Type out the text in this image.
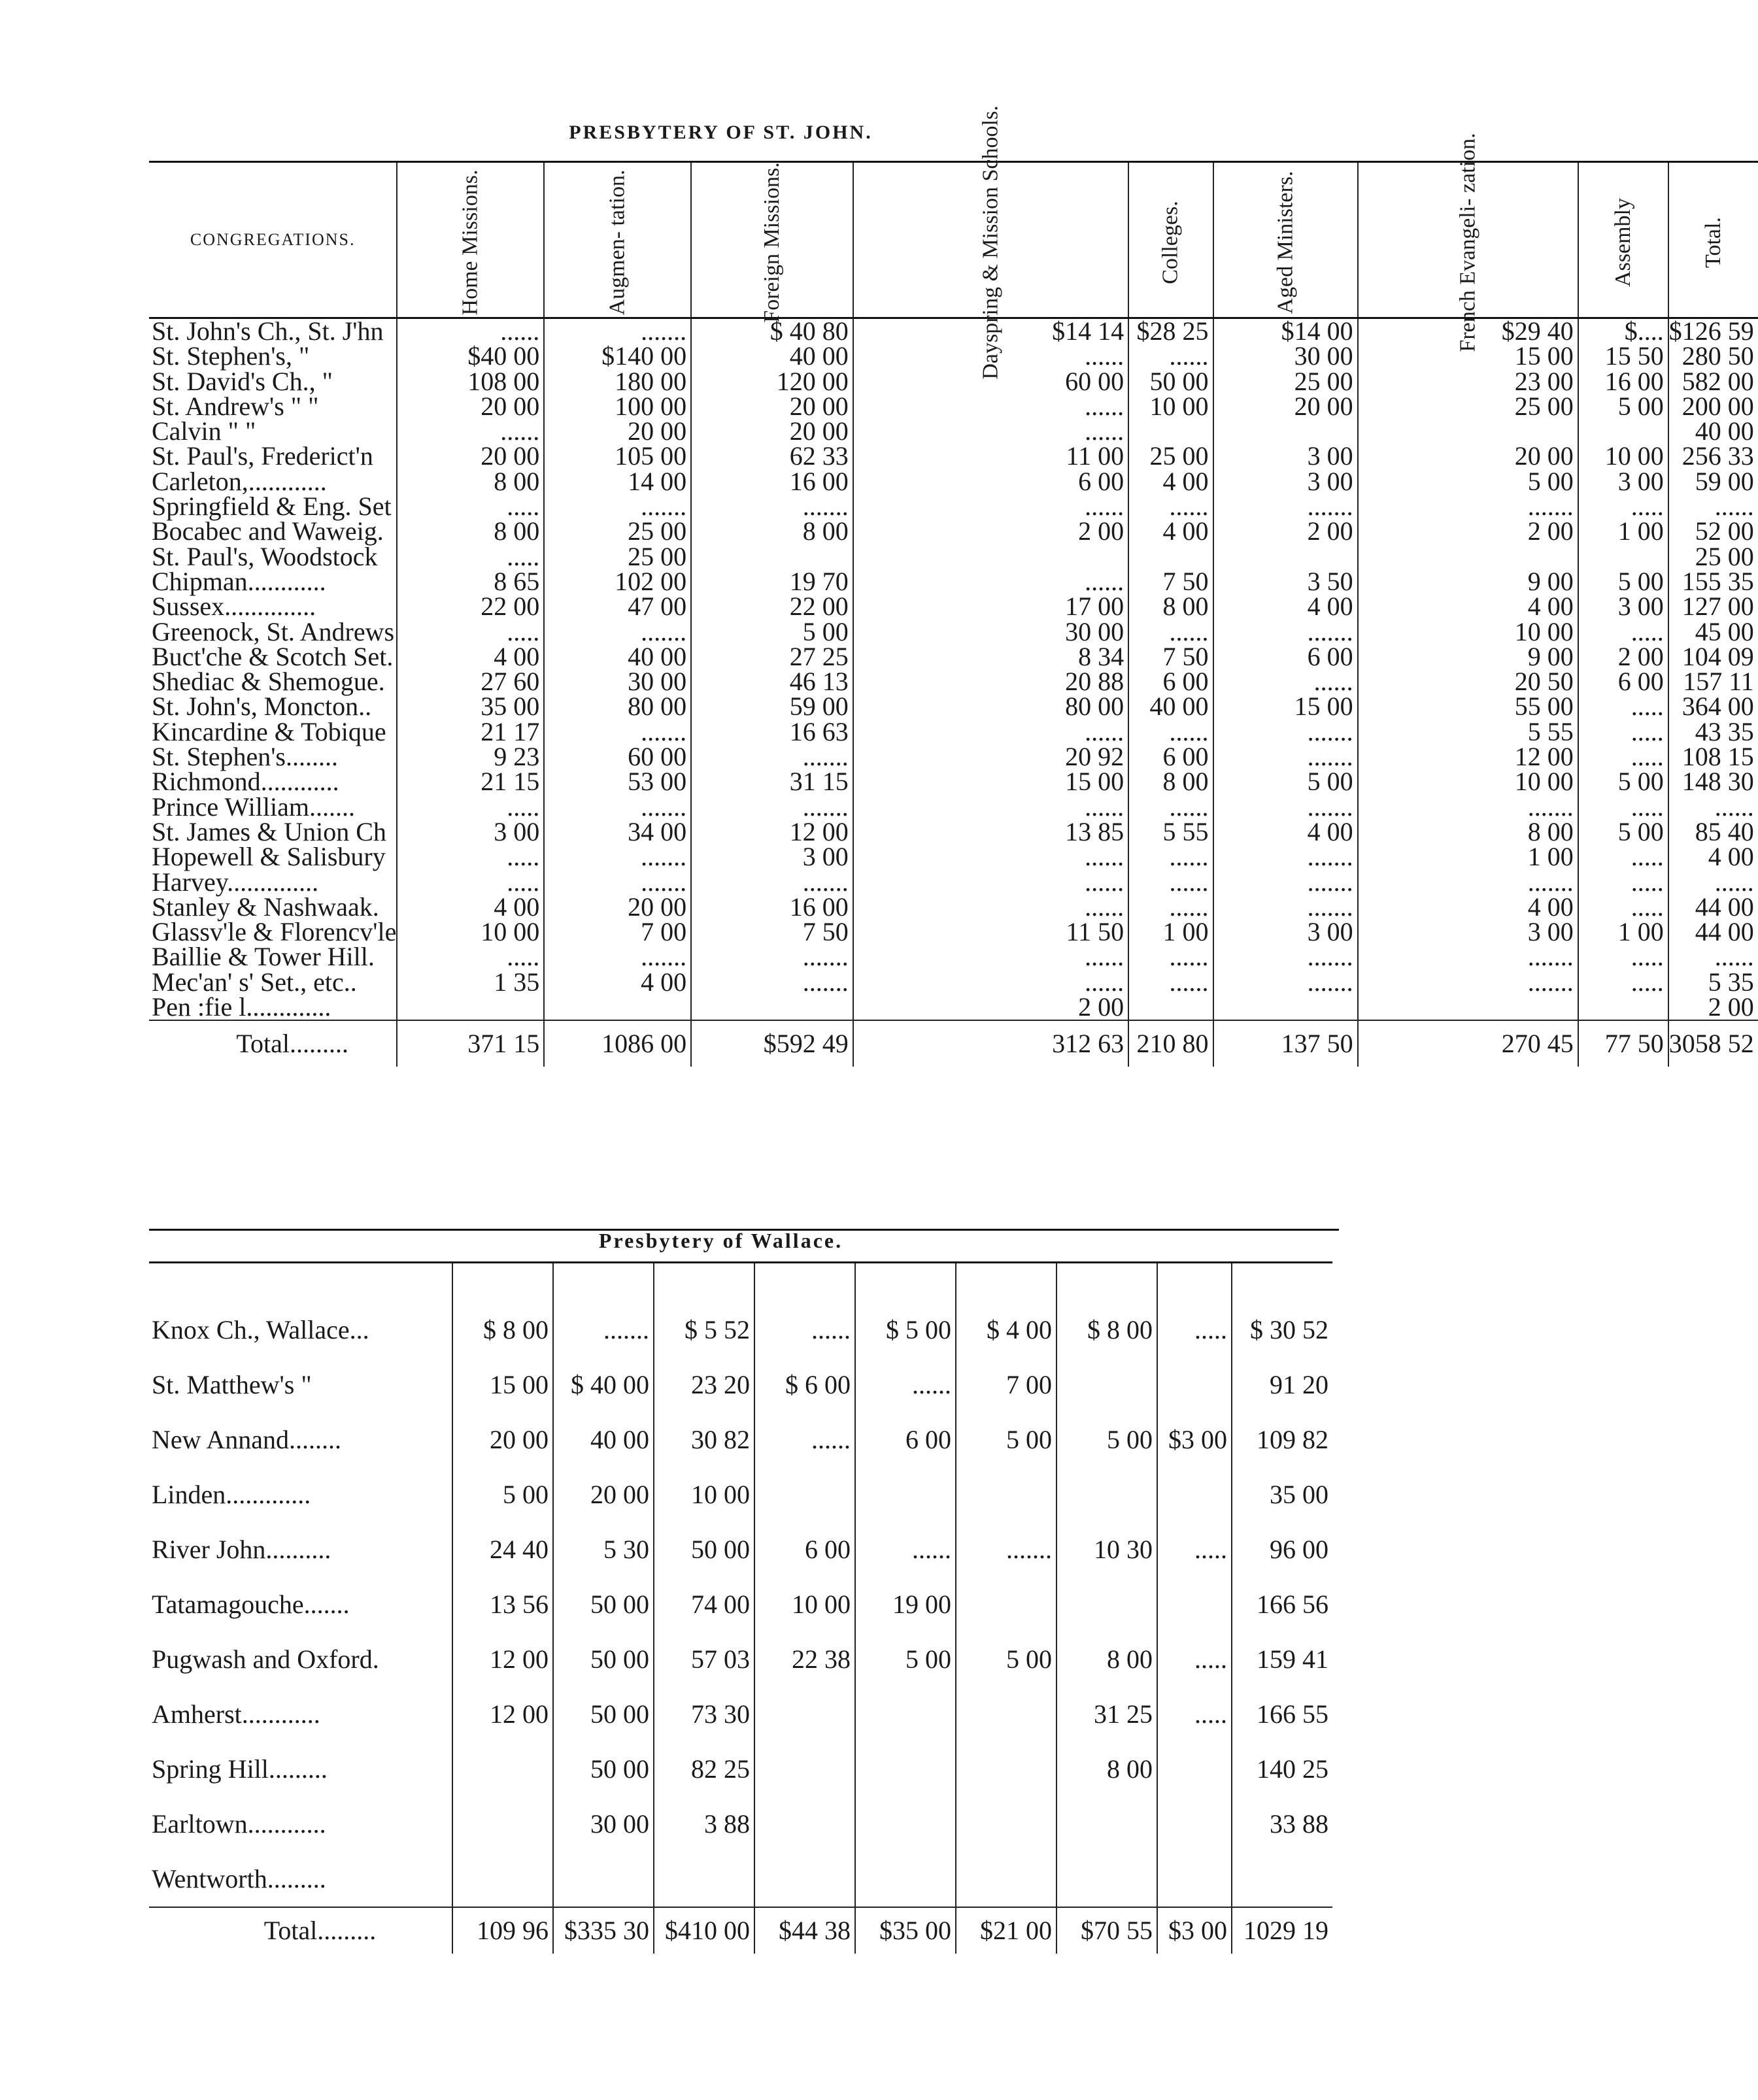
PRESBYTERY OF ST. JOHN.
CONGREGATIONS.	Home Missions.	Augmen- tation.	Foreign Missions.	Dayspring & Mission Schools.	Colleges.	Aged Ministers.	French Evangeli- zation.	Assembly	Total.
St. John's Ch., St. J'hn	......	.......	$ 40 80	$14 14	$28 25	$14 00	$29 40	$....	$126 59
St. Stephen's, "	$40 00	$140 00	40 00	......	......	30 00	15 00	15 50	280 50
St. David's Ch., "	108 00	180 00	120 00	60 00	50 00	25 00	23 00	16 00	582 00
St. Andrew's " "	20 00	100 00	20 00	......	10 00	20 00	25 00	5 00	200 00
Calvin " "	......	20 00	20 00	......					40 00
St. Paul's, Frederict'n	20 00	105 00	62 33	11 00	25 00	3 00	20 00	10 00	256 33
Carleton,............	8 00	14 00	16 00	6 00	4 00	3 00	5 00	3 00	59 00
Springfield & Eng. Set	.....	.......	.......	......	......	.......	.......	.....	......
Bocabec and Waweig.	8 00	25 00	8 00	2 00	4 00	2 00	2 00	1 00	52 00
St. Paul's, Woodstock	.....	25 00							25 00
Chipman............	8 65	102 00	19 70	......	7 50	3 50	9 00	5 00	155 35
Sussex..............	22 00	47 00	22 00	17 00	8 00	4 00	4 00	3 00	127 00
Greenock, St. Andrews	.....	.......	5 00	30 00	......	.......	10 00	.....	45 00
Buct'che & Scotch Set.	4 00	40 00	27 25	8 34	7 50	6 00	9 00	2 00	104 09
Shediac & Shemogue.	27 60	30 00	46 13	20 88	6 00	......	20 50	6 00	157 11
St. John's, Moncton..	35 00	80 00	59 00	80 00	40 00	15 00	55 00	.....	364 00
Kincardine & Tobique	21 17	.......	16 63	......	......	.......	5 55	.....	43 35
St. Stephen's........	9 23	60 00	.......	20 92	6 00	.......	12 00	.....	108 15
Richmond............	21 15	53 00	31 15	15 00	8 00	5 00	10 00	5 00	148 30
Prince William.......	.....	.......	.......	......	......	.......	.......	.....	......
St. James & Union Ch	3 00	34 00	12 00	13 85	5 55	4 00	8 00	5 00	85 40
Hopewell & Salisbury	.....	.......	3 00	......	......	.......	1 00	.....	4 00
Harvey..............	.....	.......	.......	......	......	.......	.......	.....	......
Stanley & Nashwaak.	4 00	20 00	16 00	......	......	.......	4 00	.....	44 00
Glassv'le & Florencv'le	10 00	7 00	7 50	11 50	1 00	3 00	3 00	1 00	44 00
Baillie & Tower Hill.	.....	.......	.......	......	......	.......	.......	.....	......
Mec'an' s' Set., etc..	1 35	4 00	.......	......	......	.......	.......	.....	5 35
Pen :fie l.............				2 00					2 00
Total.........	371 15	1086 00	$592 49	312 63	210 80	137 50	270 45	77 50	3058 52
Presbytery of Wallace.

Knox Ch., Wallace...	$ 8 00	.......	$ 5 52	......	$ 5 00	$ 4 00	$ 8 00	.....	$ 30 52
St. Matthew's "	15 00	$ 40 00	23 20	$ 6 00	......	7 00			91 20
New Annand........	20 00	40 00	30 82	......	6 00	5 00	5 00	$3 00	109 82
Linden.............	5 00	20 00	10 00						35 00
River John..........	24 40	5 30	50 00	6 00	......	.......	10 30	.....	96 00
Tatamagouche.......	13 56	50 00	74 00	10 00	19 00				166 56
Pugwash and Oxford.	12 00	50 00	57 03	22 38	5 00	5 00	8 00	.....	159 41
Amherst............	12 00	50 00	73 30				31 25	.....	166 55
Spring Hill.........		50 00	82 25				8 00		140 25
Earltown............		30 00	3 88						33 88
Wentworth.........									
Total.........	109 96	$335 30	$410 00	$44 38	$35 00	$21 00	$70 55	$3 00	1029 19
